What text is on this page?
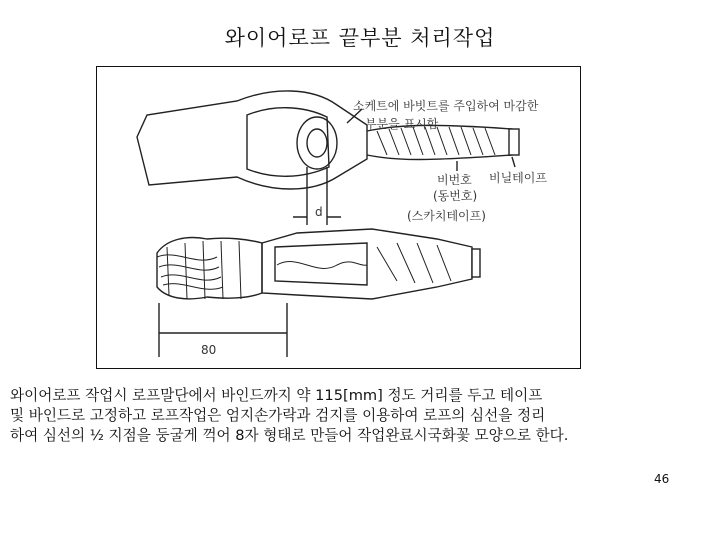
와이어로프 끝부분 처리작업
소케트에 바빗트를 주입하여 마감한
부분을 표시함
비닐테이프
비번호
(동번호)
(스카치테이프)
d
80
와이어로프 작업시 로프말단에서 바인드까지 약 115[mm] 정도 거리를 두고 테이프
및 바인드로 고정하고 로프작업은 엄지손가락과 검지를 이용하여 로프의 심선을 정리
하여 심선의 ½ 지점을 둥굴게 꺽어 8자 형태로 만들어 작업완료시국화꽃 모양으로 한다.
46
